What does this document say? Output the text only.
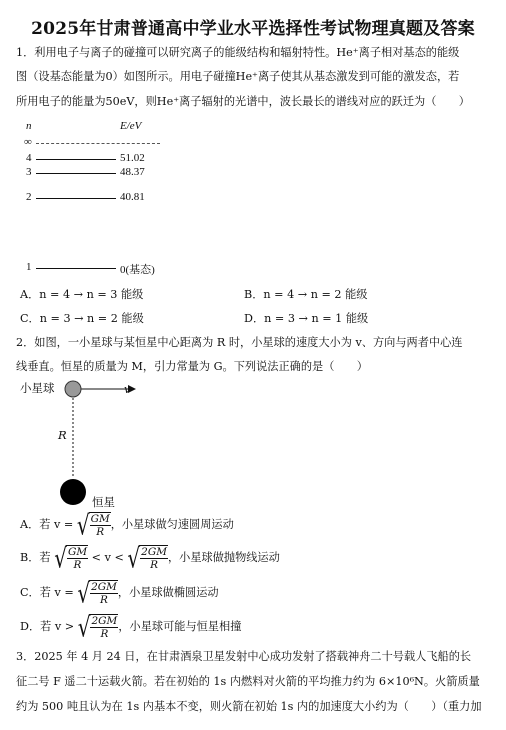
2025年甘肃普通高中学业水平选择性考试物理真题及答案
1．利用电子与离子的碰撞可以研究离子的能级结构和辐射特性。He⁺离子相对基态的能级
图（设基态能量为0）如图所示。用电子碰撞He⁺离子使其从基态激发到可能的激发态，若
所用电子的能量为50eV，则He⁺离子辐射的光谱中，波长最长的谱线对应的跃迁为（　　）
n	E/eV
∞
4	51.02
3	48.37
2	40.81
1	0(基态)
A．n = 4 → n = 3 能级	B．n = 4 → n = 2 能级
C．n = 3 → n = 2 能级	D．n = 3 → n = 1 能级
2．如图，一小星球与某恒星中心距离为 R 时，小星球的速度大小为 v、方向与两者中心连
线垂直。恒星的质量为 M，引力常量为 G。下列说法正确的是（　　）
小星球	v
R
恒星
A．若 v = √ $\frac{GM}{R}$ ，小星球做匀速圆周运动
B．若 √ $\frac{GM}{R} < v$ < √ $\frac{2GM}{R}$ ，小星球做抛物线运动
C．若 v = √ $\frac{2GM}{R}$ ，小星球做椭圆运动
D．若 v > √ $\frac{2GM}{R}$ ，小星球可能与恒星相撞
3．2025 年 4 月 24 日，在甘肃酒泉卫星发射中心成功发射了搭载神舟二十号载人飞船的长
征二号 F 遥二十运载火箭。若在初始的 1s 内燃料对火箭的平均推力约为 6×10⁶N。火箭质量
约为 500 吨且认为在 1s 内基本不变，则火箭在初始 1s 内的加速度大小约为（　　）（重力加
